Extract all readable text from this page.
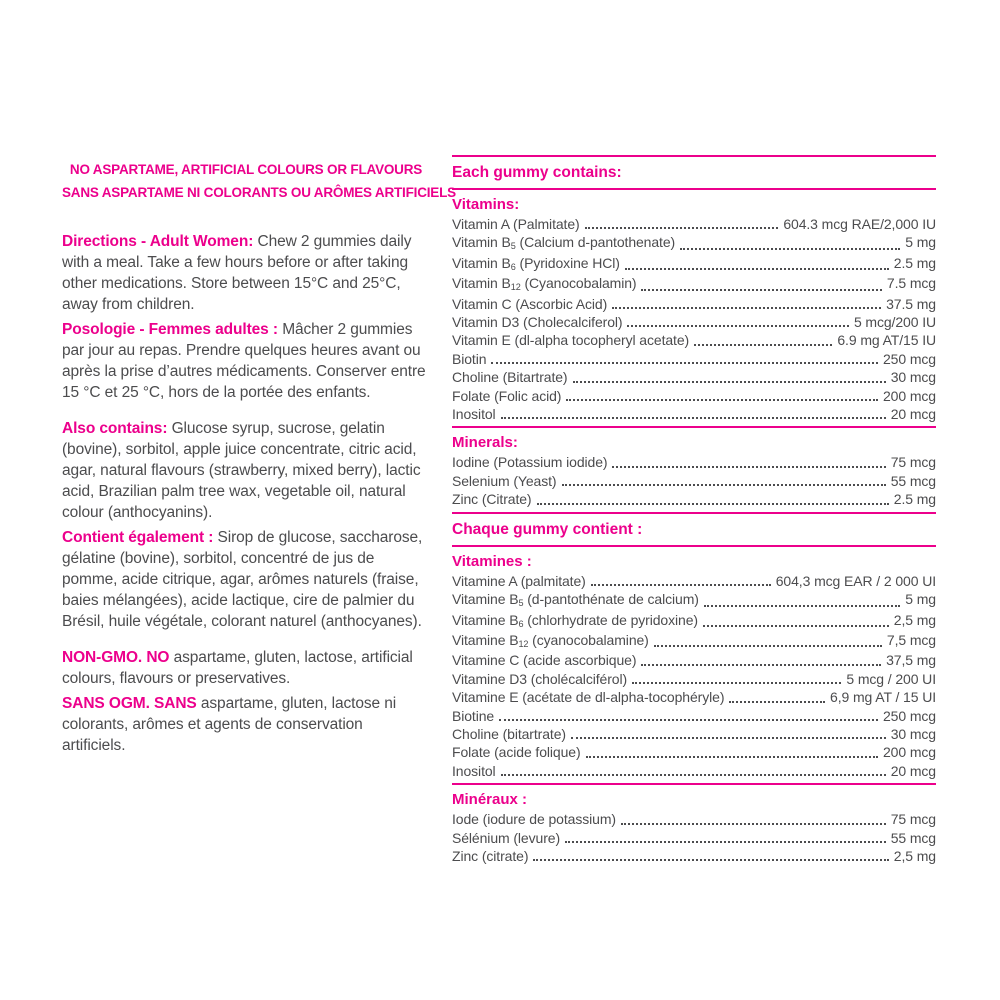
NO ASPARTAME, ARTIFICIAL COLOURS OR FLAVOURS
SANS ASPARTAME NI COLORANTS OU ARÔMES ARTIFICIELS

Directions - Adult Women: Chew 2 gummies daily with a meal. Take a few hours before or after taking other medications. Store between 15°C and 25°C, away from children.

Posologie - Femmes adultes : Mâcher 2 gummies par jour au repas. Prendre quelques heures avant ou après la prise d’autres médicaments. Conserver entre 15 °C et 25 °C, hors de la portée des enfants.

Also contains: Glucose syrup, sucrose, gelatin (bovine), sorbitol, apple juice concentrate, citric acid, agar, natural flavours (strawberry, mixed berry), lactic acid, Brazilian palm tree wax, vegetable oil, natural colour (anthocyanins).

Contient également : Sirop de glucose, saccharose, gélatine (bovine), sorbitol, concentré de jus de pomme, acide citrique, agar, arômes naturels (fraise, baies mélangées), acide lactique, cire de palmier du Brésil, huile végétale, colorant naturel (anthocyanes).

NON-GMO. NO aspartame, gluten, lactose, artificial colours, flavours or preservatives.

SANS OGM. SANS aspartame, gluten, lactose ni colorants, arômes et agents de conservation artificiels.

Each gummy contains:
Vitamins:
Vitamin A (Palmitate)	604.3 mcg RAE/2,000 IU
Vitamin $B_5$ (Calcium d-pantothenate)	5 mg
Vitamin $B_6$ (Pyridoxine HCl)	2.5 mg
Vitamin $B_{12}$ (Cyanocobalamin)	7.5 mcg
Vitamin C (Ascorbic Acid)	37.5 mg
Vitamin D3 (Cholecalciferol)	5 mcg/200 IU
Vitamin E (dl-alpha tocopheryl acetate)	6.9 mg AT/15 IU
Biotin	250 mcg
Choline (Bitartrate)	30 mcg
Folate (Folic acid)	200 mcg
Inositol	20 mcg
Minerals:
Iodine (Potassium iodide)	75 mcg
Selenium (Yeast)	55 mcg
Zinc (Citrate)	2.5 mg
Chaque gummy contient :
Vitamines :
Vitamine A (palmitate)	604,3 mcg EAR / 2 000 UI
Vitamine $B_5$ (d-pantothénate de calcium)	5 mg
Vitamine $B_6$ (chlorhydrate de pyridoxine)	2,5 mg
Vitamine $B_{12}$ (cyanocobalamine)	7,5 mcg
Vitamine C (acide ascorbique)	37,5 mg
Vitamine D3 (cholécalciférol)	5 mcg / 200 UI
Vitamine E (acétate de dl-alpha-tocophéryle)	6,9 mg AT / 15 UI
Biotine	250 mcg
Choline (bitartrate)	30 mcg
Folate (acide folique)	200 mcg
Inositol	20 mcg
Minéraux :
Iode (iodure de potassium)	75 mcg
Sélénium (levure)	55 mcg
Zinc (citrate)	2,5 mg
